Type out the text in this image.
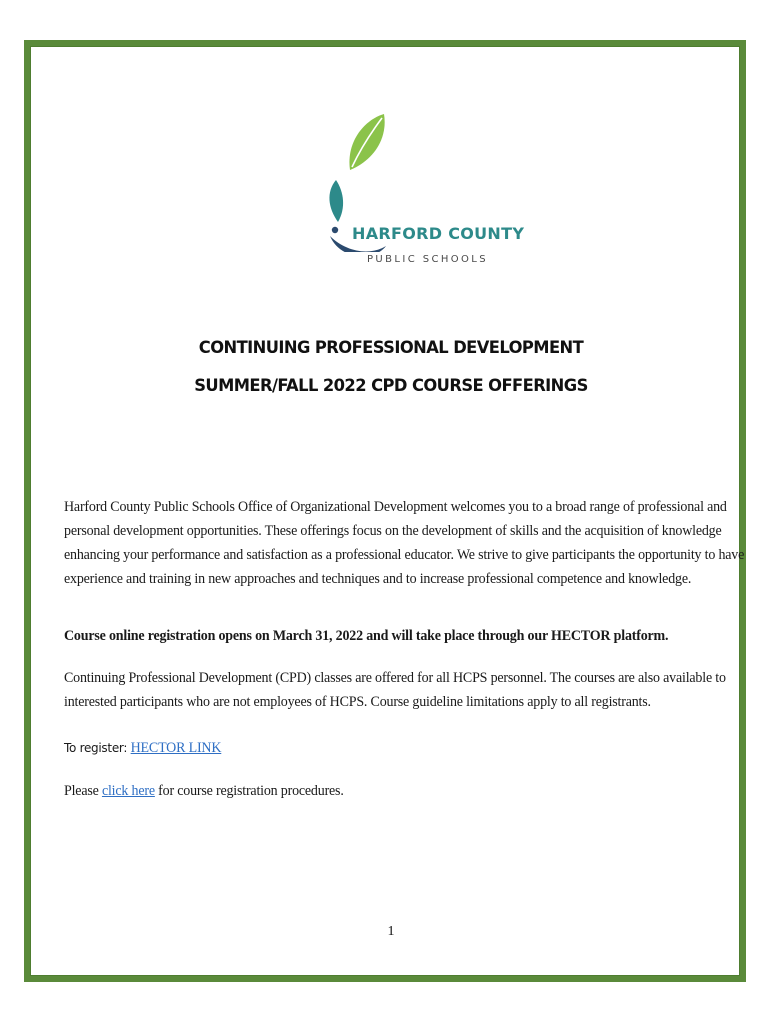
HARFORD COUNTY
PUBLIC SCHOOLS
CONTINUING PROFESSIONAL DEVELOPMENT
SUMMER/FALL 2022 CPD COURSE OFFERINGS
Harford County Public Schools Office of Organizational Development welcomes you to a broad range of professional and personal development opportunities. These offerings focus on the development of skills and the acquisition of knowledge enhancing your performance and satisfaction as a professional educator. We strive to give participants the opportunity to have experience and training in new approaches and techniques and to increase professional competence and knowledge.
Course online registration opens on March 31, 2022 and will take place through our HECTOR platform.
Continuing Professional Development (CPD) classes are offered for all HCPS personnel. The courses are also available to interested participants who are not employees of HCPS. Course guideline limitations apply to all registrants.
To register: HECTOR LINK
Please click here for course registration procedures.
1
